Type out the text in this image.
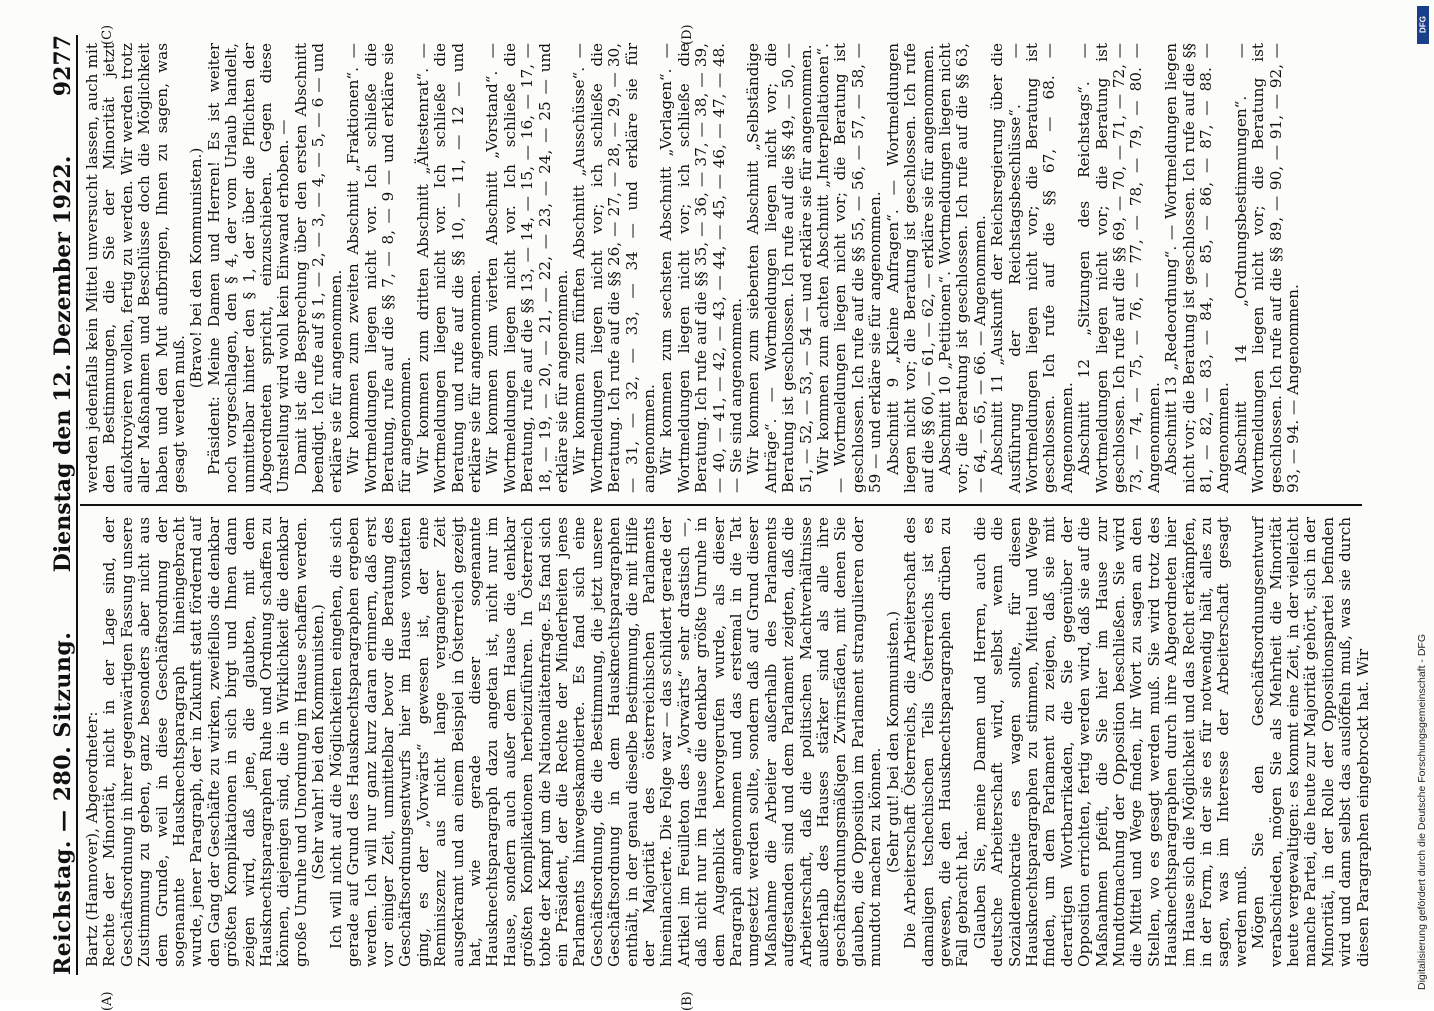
Reichstag. — 280. Sitzung.
Dienstag den 12. Dezember 1922.
9277
(A)	(B)
(C)	(D)

Bartz (Hannover), Abgeordneter: Rechte der Minorität, nicht in der Lage sind, der Geschäftsordnung in ihrer gegenwärtigen Fassung unsere Zustimmung zu geben, ganz besonders aber nicht aus dem Grunde, weil in diese Geschäftsordnung der sogenannte Hausknechtsparagraph hineingebracht wurde, jener Paragraph, der in Zukunft statt fördernd auf den Gang der Geschäfte zu wirken, zweifellos die denkbar größten Komplikationen in sich birgt und Ihnen dann zeigen wird, daß jene, die glaubten, mit dem Hausknechtsparagraphen Ruhe und Ordnung schaffen zu können, diejenigen sind, die in Wirklichkeit die denkbar große Unruhe und Unordnung im Hause schaffen werden. (Sehr wahr! bei den Kommunisten.) Ich will nicht auf die Möglichkeiten eingehen, die sich gerade auf Grund des Hausknechtsparagraphen ergeben werden. Ich will nur ganz kurz daran erinnern, daß erst vor einiger Zeit, unmittelbar bevor die Beratung des Geschäftsordnungsentwurfs hier im Hause vonstatten ging, es der „Vorwärts“ gewesen ist, der eine Reminiszenz aus nicht lange vergangener Zeit ausgekramt und an einem Beispiel in Österreich gezeigt hat, wie gerade dieser sogenannte Hausknechtsparagraph dazu angetan ist, nicht nur im Hause, sondern auch außer dem Hause die denkbar größten Komplikationen herbeizuführen. In Österreich tobte der Kampf um die Nationalitätenfrage. Es fand sich ein Präsident, der die Rechte der Minderheiten jenes Parlaments hinwegeskamotierte. Es fand sich eine Geschäftsordnung, die die Bestimmung, die jetzt unsere Geschäftsordnung in dem Hausknechtsparagraphen enthält, in der genau dieselbe Bestimmung, die mit Hilfe der Majorität des österreichischen Parlaments hineinlancierte. Die Folge war — das schildert gerade der Artikel im Feuilleton des „Vorwärts“ sehr drastisch —, daß nicht nur im Hause die denkbar größte Unruhe in dem Augenblick hervorgerufen wurde, als dieser Paragraph angenommen und das erstemal in die Tat umgesetzt werden sollte, sondern daß auf Grund dieser Maßnahme die Arbeiter außerhalb des Parlaments aufgestanden sind und dem Parlament zeigten, daß die Arbeiterschaft, daß die politischen Machtverhältnisse außerhalb des Hauses stärker sind als alle ihre geschäftsordnungsmäßigen Zwirnsfäden, mit denen Sie glauben, die Opposition im Parlament strangulieren oder mundtot machen zu können. (Sehr gut! bei den Kommunisten.) Die Arbeiterschaft Österreichs, die Arbeiterschaft des damaligen tschechischen Teils Österreichs ist es gewesen, die den Hausknechtsparagraphen drüben zu Fall gebracht hat. Glauben Sie, meine Damen und Herren, auch die deutsche Arbeiterschaft wird, selbst wenn die Sozialdemokratie es wagen sollte, für diesen Hausknechtsparagraphen zu stimmen, Mittel und Wege finden, um dem Parlament zu zeigen, daß sie mit derartigen Wortbarrikaden, die Sie gegenüber der Opposition errichten, fertig werden wird, daß sie auf die Maßnahmen pfeift, die Sie hier im Hause zur Mundtotmachung der Opposition beschließen. Sie wird die Mittel und Wege finden, ihr Wort zu sagen an den Stellen, wo es gesagt werden muß. Sie wird trotz des Hausknechtsparagraphen durch ihre Abgeordneten hier im Hause sich die Möglichkeit und das Recht erkämpfen, in der Form, in der sie es für notwendig hält, alles zu sagen, was im Interesse der Arbeiterschaft gesagt werden muß. Mögen Sie den Geschäftsordnungsentwurf verabschieden, mögen Sie als Mehrheit die Minorität heute vergewaltigen: es kommt eine Zeit, in der vielleicht manche Partei, die heute zur Majorität gehört, sich in der Minorität, in der Rolle der Oppositionspartei befinden wird und dann selbst das auslöffeln muß, was sie durch diesen Paragraphen eingebrockt hat. Wir

werden jedenfalls kein Mittel unversucht lassen, auch mit den Bestimmungen, die Sie der Minorität jetzt aufoktroyieren wollen, fertig zu werden. Wir werden trotz aller Maßnahmen und Beschlüsse doch die Möglichkeit haben und den Mut aufbringen, Ihnen zu sagen, was gesagt werden muß.

(Bravo! bei den Kommunisten.) Präsident: Meine Damen und Herren! Es ist weiter noch vorgeschlagen, den § 4, der vom Urlaub handelt, unmittelbar hinter den § 1, der über die Pflichten der Abgeordneten spricht, einzuschieben. Gegen diese Umstellung wird wohl kein Einwand erhoben. — Damit ist die Besprechung über den ersten Abschnitt beendigt. Ich rufe auf § 1, — 2, — 3, — 4, — 5, — 6 — und erkläre sie für angenommen. Wir kommen zum zweiten Abschnitt „Fraktionen“. — Wortmeldungen liegen nicht vor. Ich schließe die Beratung, rufe auf die §§ 7, — 8, — 9 — und erkläre sie für angenommen. Wir kommen zum dritten Abschnitt „Ältestenrat“. — Wortmeldungen liegen nicht vor. Ich schließe die Beratung und rufe auf die §§ 10, — 11, — 12 — und erkläre sie für angenommen. Wir kommen zum vierten Abschnitt „Vorstand“. — Wortmeldungen liegen nicht vor. Ich schließe die Beratung, rufe auf die §§ 13, — 14, — 15, — 16, — 17, — 18, — 19, — 20, — 21, — 22, — 23, — 24, — 25 — und erkläre sie für angenommen. Wir kommen zum fünften Abschnitt „Ausschüsse“. — Wortmeldungen liegen nicht vor; ich schließe die Beratung. Ich rufe auf die §§ 26, — 27, — 28, — 29, — 30, — 31, — 32, — 33, — 34 — und erkläre sie für angenommen. Wir kommen zum sechsten Abschnitt „Vorlagen“. — Wortmeldungen liegen nicht vor; ich schließe die Beratung. Ich rufe auf die §§ 35, — 36, — 37, — 38, — 39, — 40, — 41, — 42, — 43, — 44, — 45, — 46, — 47, — 48. — Sie sind angenommen. Wir kommen zum siebenten Abschnitt „Selbständige Anträge“. — Wortmeldungen liegen nicht vor; die Beratung ist geschlossen. Ich rufe auf die §§ 49, — 50, — 51, — 52, — 53, — 54 — und erkläre sie für angenommen. Wir kommen zum achten Abschnitt „Interpellationen“. — Wortmeldungen liegen nicht vor; die Beratung ist geschlossen. Ich rufe auf die §§ 55, — 56, — 57, — 58, — 59 — und erkläre sie für angenommen. Abschnitt 9 „Kleine Anfragen“. — Wortmeldungen liegen nicht vor; die Beratung ist geschlossen. Ich rufe auf die §§ 60, — 61, — 62, — erkläre sie für angenommen. Abschnitt 10 „Petitionen“. Wortmeldungen liegen nicht vor; die Beratung ist geschlossen. Ich rufe auf die §§ 63, — 64, — 65, — 66. — Angenommen. Abschnitt 11 „Auskunft der Reichsregierung über die Ausführung der Reichstagsbeschlüsse“. — Wortmeldungen liegen nicht vor; die Beratung ist geschlossen. Ich rufe auf die §§ 67, — 68. — Angenommen. Abschnitt 12 „Sitzungen des Reichstags“. — Wortmeldungen liegen nicht vor; die Beratung ist geschlossen. Ich rufe auf die §§ 69, — 70, — 71, — 72, — 73, — 74, — 75, — 76, — 77, — 78, — 79, — 80. — Angenommen. Abschnitt 13 „Redeordnung“. — Wortmeldungen liegen nicht vor; die Beratung ist geschlossen. Ich rufe auf die §§ 81, — 82, — 83, — 84, — 85, — 86, — 87, — 88. — Angenommen. Abschnitt 14 „Ordnungsbestimmungen“. — Wortmeldungen liegen nicht vor; die Beratung ist geschlossen. Ich rufe auf die §§ 89, — 90, — 91, — 92, — 93, — 94. — Angenommen.

DFG
Digitalisierung gefördert durch die Deutsche Forschungsgemeinschaft - DFG
